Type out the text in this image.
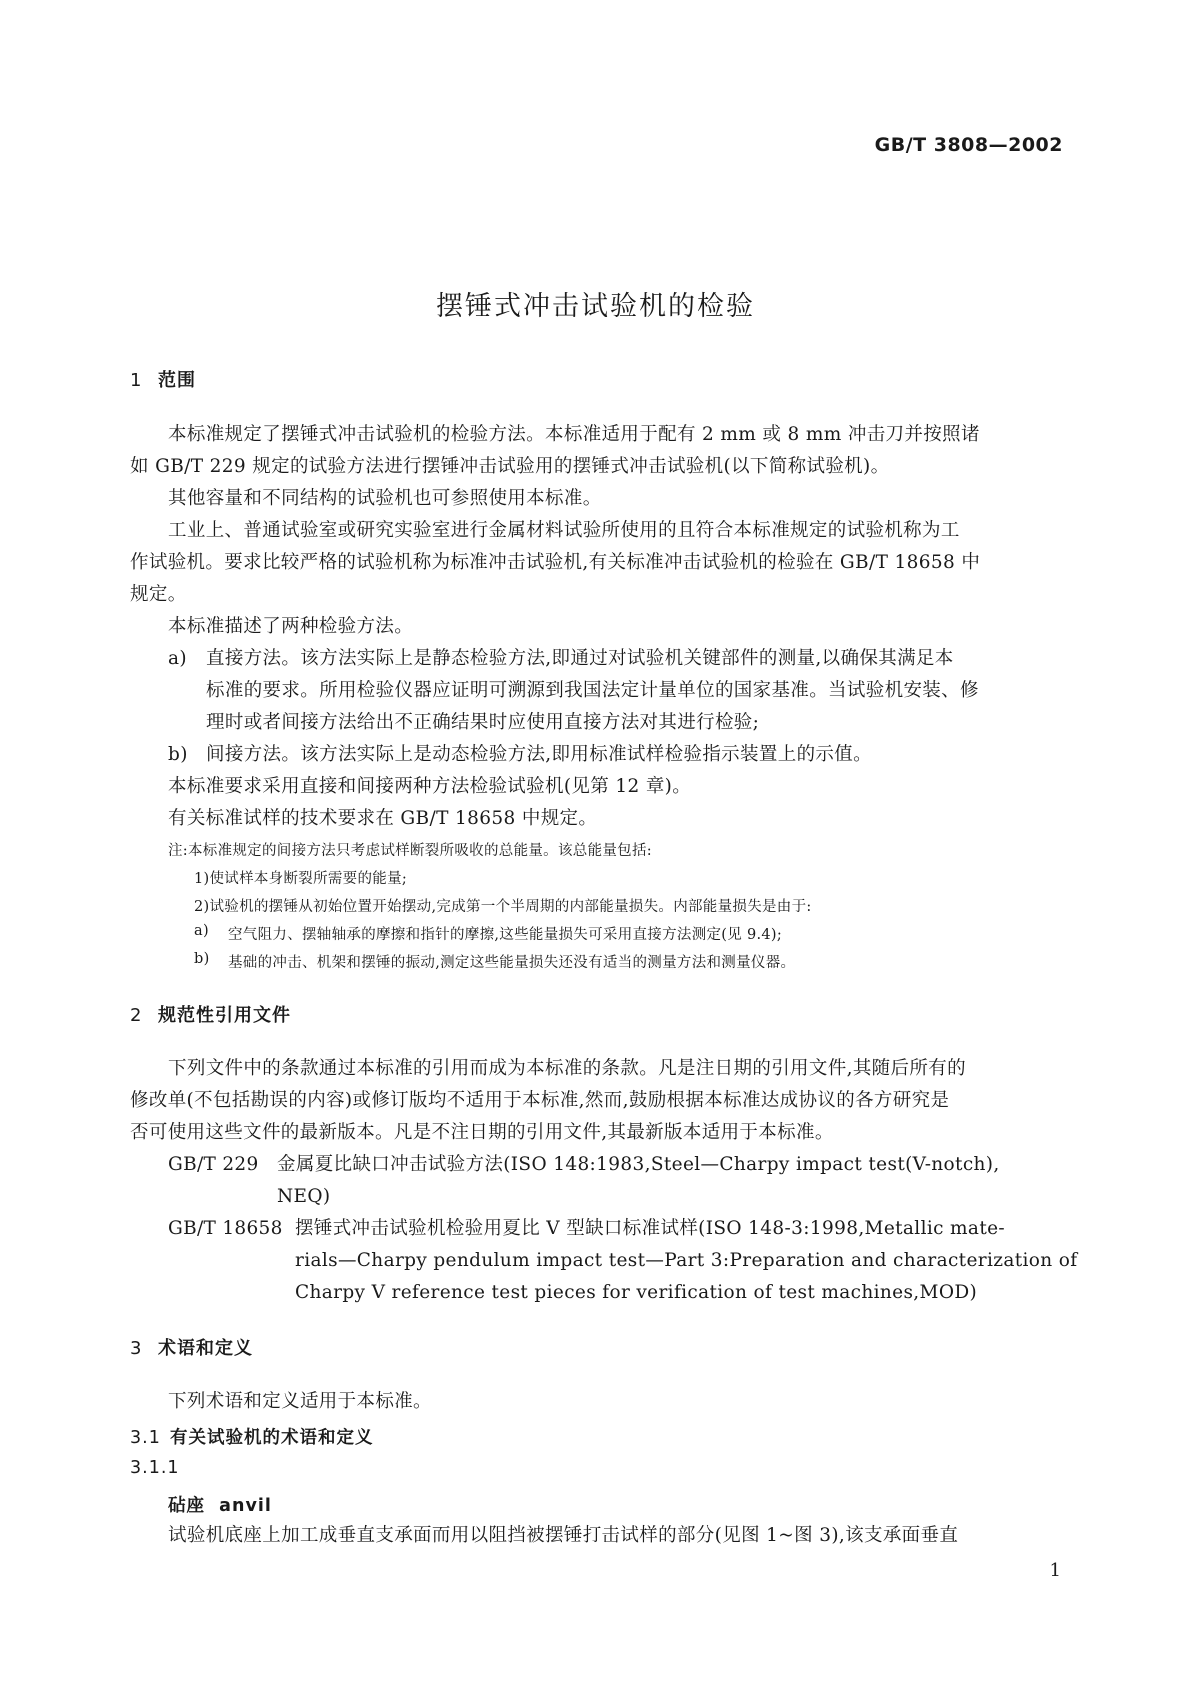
GB/T 3808—2002
摆锤式冲击试验机的检验
1 范围
本标准规定了摆锤式冲击试验机的检验方法。本标准适用于配有 2 mm 或 8 mm 冲击刀并按照诸
如 GB/T 229 规定的试验方法进行摆锤冲击试验用的摆锤式冲击试验机(以下简称试验机)。
其他容量和不同结构的试验机也可参照使用本标准。
工业上、普通试验室或研究实验室进行金属材料试验所使用的且符合本标准规定的试验机称为工
作试验机。要求比较严格的试验机称为标准冲击试验机,有关标准冲击试验机的检验在 GB/T 18658 中
规定。
本标准描述了两种检验方法。
a) 直接方法。该方法实际上是静态检验方法,即通过对试验机关键部件的测量,以确保其满足本
标准的要求。所用检验仪器应证明可溯源到我国法定计量单位的国家基准。当试验机安装、修
理时或者间接方法给出不正确结果时应使用直接方法对其进行检验;
b) 间接方法。该方法实际上是动态检验方法,即用标准试样检验指示装置上的示值。
本标准要求采用直接和间接两种方法检验试验机(见第 12 章)。
有关标准试样的技术要求在 GB/T 18658 中规定。
注:本标准规定的间接方法只考虑试样断裂所吸收的总能量。该总能量包括:
1)使试样本身断裂所需要的能量;
2)试验机的摆锤从初始位置开始摆动,完成第一个半周期的内部能量损失。内部能量损失是由于:
a) 空气阻力、摆轴轴承的摩擦和指针的摩擦,这些能量损失可采用直接方法测定(见 9.4);
b) 基础的冲击、机架和摆锤的振动,测定这些能量损失还没有适当的测量方法和测量仪器。
2 规范性引用文件
下列文件中的条款通过本标准的引用而成为本标准的条款。凡是注日期的引用文件,其随后所有的
修改单(不包括勘误的内容)或修订版均不适用于本标准,然而,鼓励根据本标准达成协议的各方研究是
否可使用这些文件的最新版本。凡是不注日期的引用文件,其最新版本适用于本标准。
GB/T 229 金属夏比缺口冲击试验方法(ISO 148:1983,Steel—Charpy impact test(V-notch),
NEQ)
GB/T 18658 摆锤式冲击试验机检验用夏比 V 型缺口标准试样(ISO 148-3:1998,Metallic mate-
rials—Charpy pendulum impact test—Part 3:Preparation and characterization of
Charpy V reference test pieces for verification of test machines,MOD)
3 术语和定义
下列术语和定义适用于本标准。
3.1 有关试验机的术语和定义
3.1.1
砧座  anvil
试验机底座上加工成垂直支承面而用以阻挡被摆锤打击试样的部分(见图 1~图 3),该支承面垂直
1
